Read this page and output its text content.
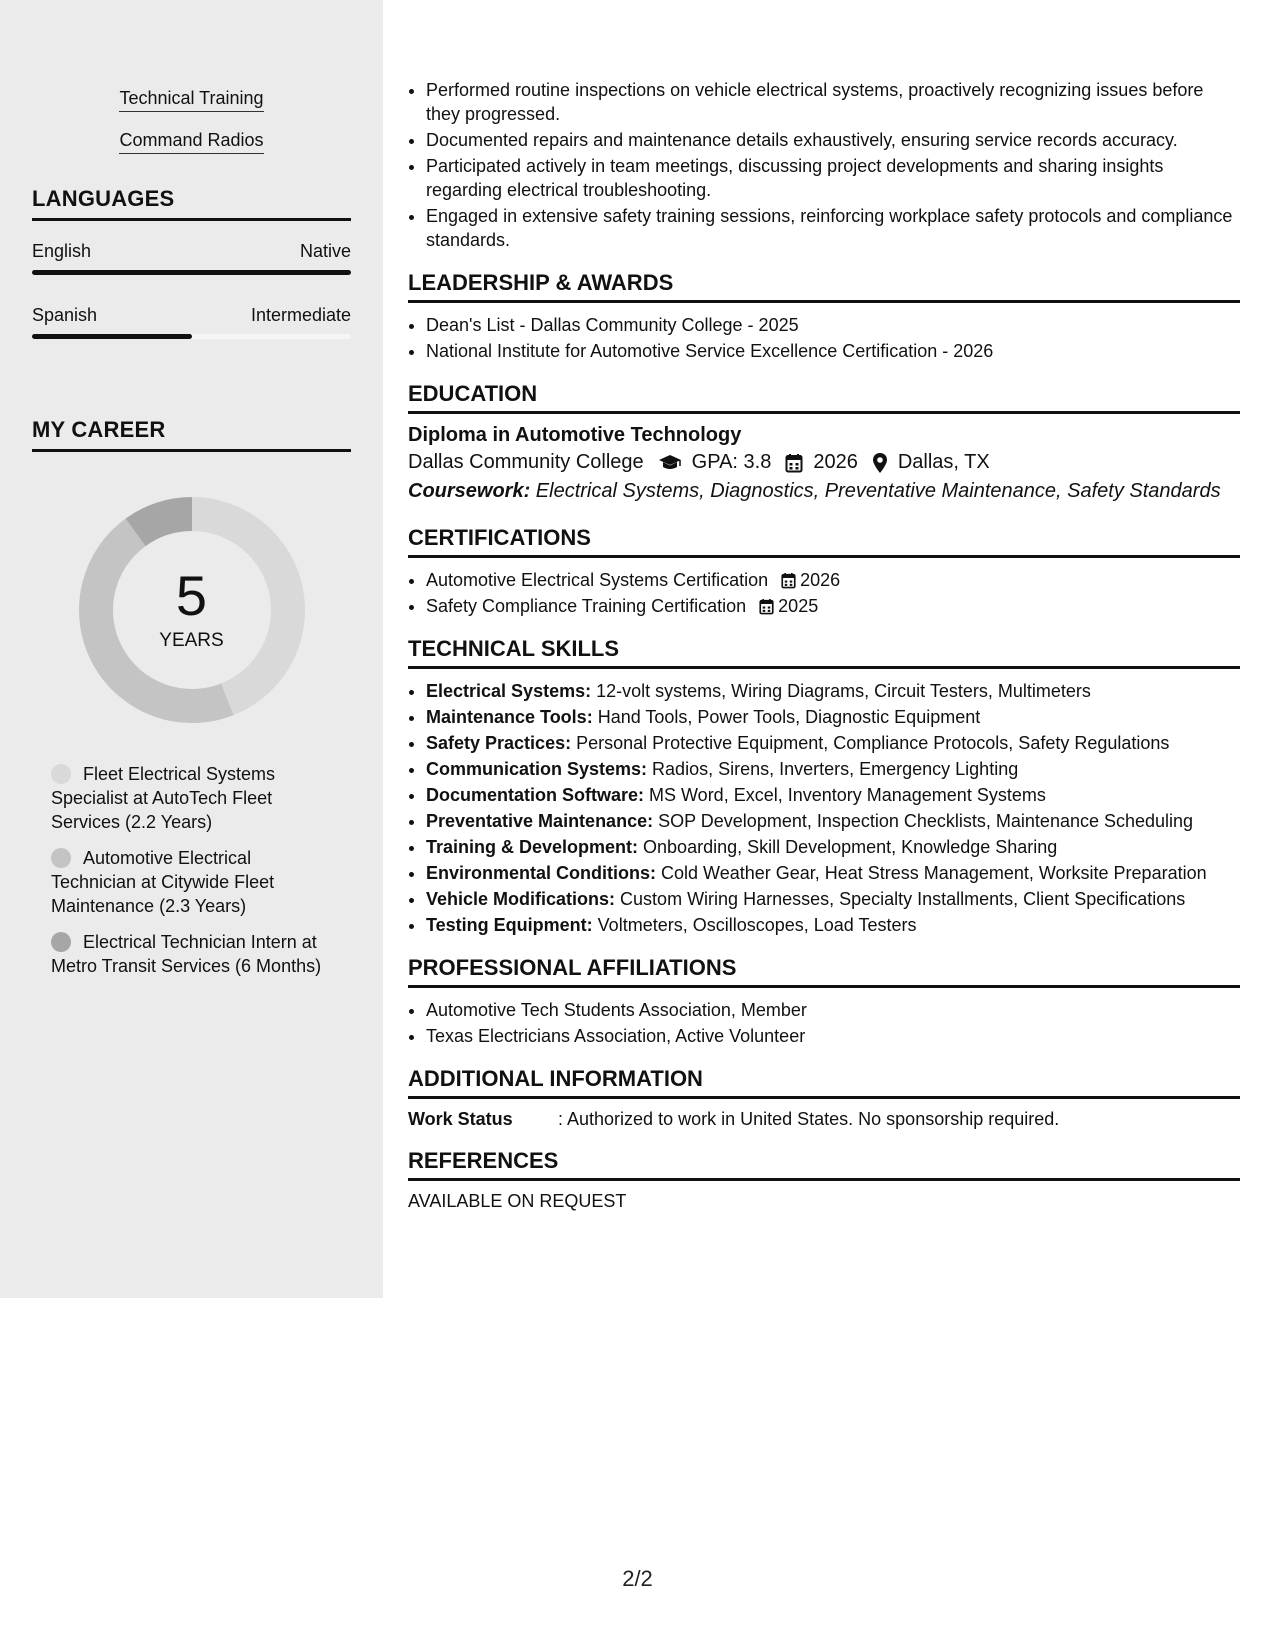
Technical Training
Command Radios
LANGUAGES
English	Native
Spanish	Intermediate
MY CAREER
5
YEARS
Fleet Electrical Systems Specialist at AutoTech Fleet Services (2.2 Years)
Automotive Electrical Technician at Citywide Fleet Maintenance (2.3 Years)
Electrical Technician Intern at Metro Transit Services (6 Months)
• Performed routine inspections on vehicle electrical systems, proactively recognizing issues before they progressed.
• Documented repairs and maintenance details exhaustively, ensuring service records accuracy.
• Participated actively in team meetings, discussing project developments and sharing insights regarding electrical troubleshooting.
• Engaged in extensive safety training sessions, reinforcing workplace safety protocols and compliance standards.
LEADERSHIP & AWARDS
• Dean's List - Dallas Community College - 2025
• National Institute for Automotive Service Excellence Certification - 2026
EDUCATION
Diploma in Automotive Technology
Dallas Community College GPA: 3.8 2026 Dallas, TX
Coursework: Electrical Systems, Diagnostics, Preventative Maintenance, Safety Standards
CERTIFICATIONS
• Automotive Electrical Systems Certification 2026
• Safety Compliance Training Certification 2025
TECHNICAL SKILLS
• Electrical Systems: 12-volt systems, Wiring Diagrams, Circuit Testers, Multimeters
• Maintenance Tools: Hand Tools, Power Tools, Diagnostic Equipment
• Safety Practices: Personal Protective Equipment, Compliance Protocols, Safety Regulations
• Communication Systems: Radios, Sirens, Inverters, Emergency Lighting
• Documentation Software: MS Word, Excel, Inventory Management Systems
• Preventative Maintenance: SOP Development, Inspection Checklists, Maintenance Scheduling
• Training & Development: Onboarding, Skill Development, Knowledge Sharing
• Environmental Conditions: Cold Weather Gear, Heat Stress Management, Worksite Preparation
• Vehicle Modifications: Custom Wiring Harnesses, Specialty Installments, Client Specifications
• Testing Equipment: Voltmeters, Oscilloscopes, Load Testers
PROFESSIONAL AFFILIATIONS
• Automotive Tech Students Association, Member
• Texas Electricians Association, Active Volunteer
ADDITIONAL INFORMATION
Work Status	: Authorized to work in United States. No sponsorship required.
REFERENCES
AVAILABLE ON REQUEST
2/2
